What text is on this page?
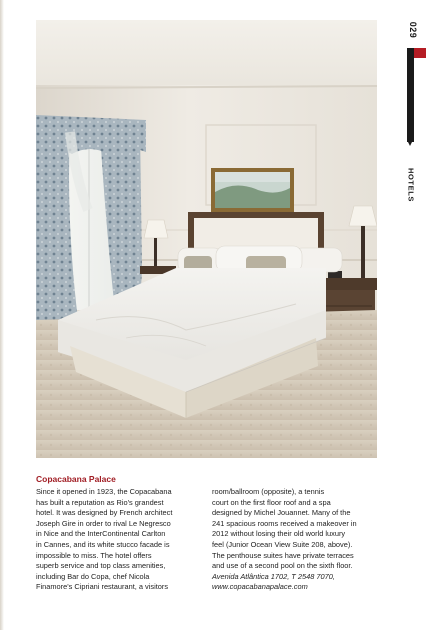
029
HOTELS
Copacabana Palace
Since it opened in 1923, the Copacabana
has built a reputation as Rio's grandest
hotel. It was designed by French architect
Joseph Gire in order to rival Le Negresco
in Nice and the InterContinental Carlton
in Cannes, and its white stucco facade is
impossible to miss. The hotel offers
superb service and top class amenities,
including Bar do Copa, chef Nicola
Finamore's Cipriani restaurant, a visitors
room/ballroom (opposite), a tennis
court on the first floor roof and a spa
designed by Michel Jouannet. Many of the
241 spacious rooms received a makeover in
2012 without losing their old world luxury
feel (Junior Ocean View Suite 208, above).
The penthouse suites have private terraces
and use of a second pool on the sixth floor.
Avenida Atlântica 1702, T 2548 7070,
www.copacabanapalace.com
